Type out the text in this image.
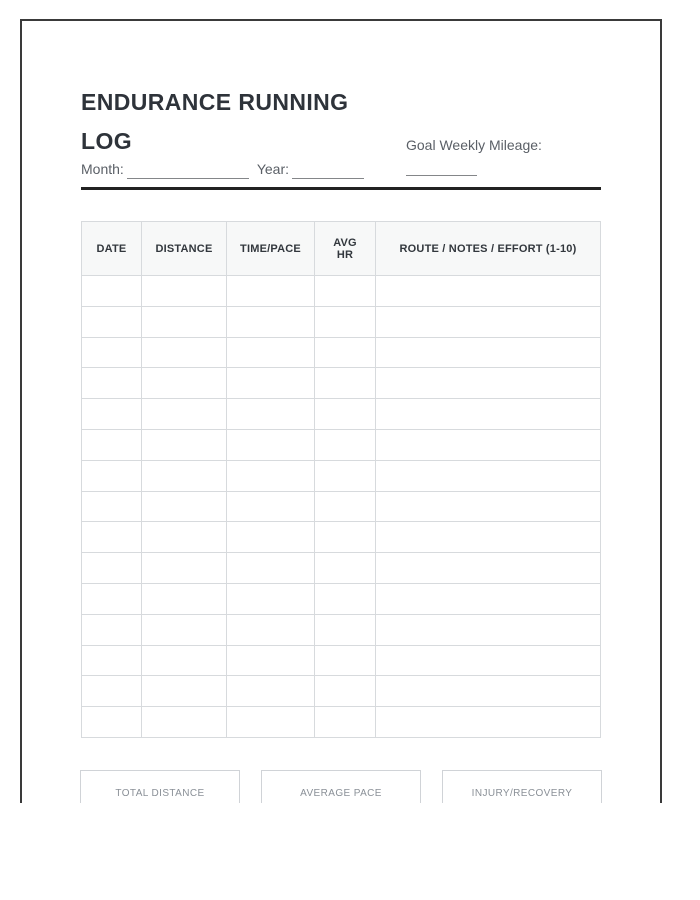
ENDURANCE RUNNING LOG	Goal Weekly Mileage:
Month:	Year:
DATE	DISTANCE	TIME/PACE	AVG HR	ROUTE / NOTES / EFFORT (1-10)

TOTAL DISTANCE	AVERAGE PACE	INJURY/RECOVERY
